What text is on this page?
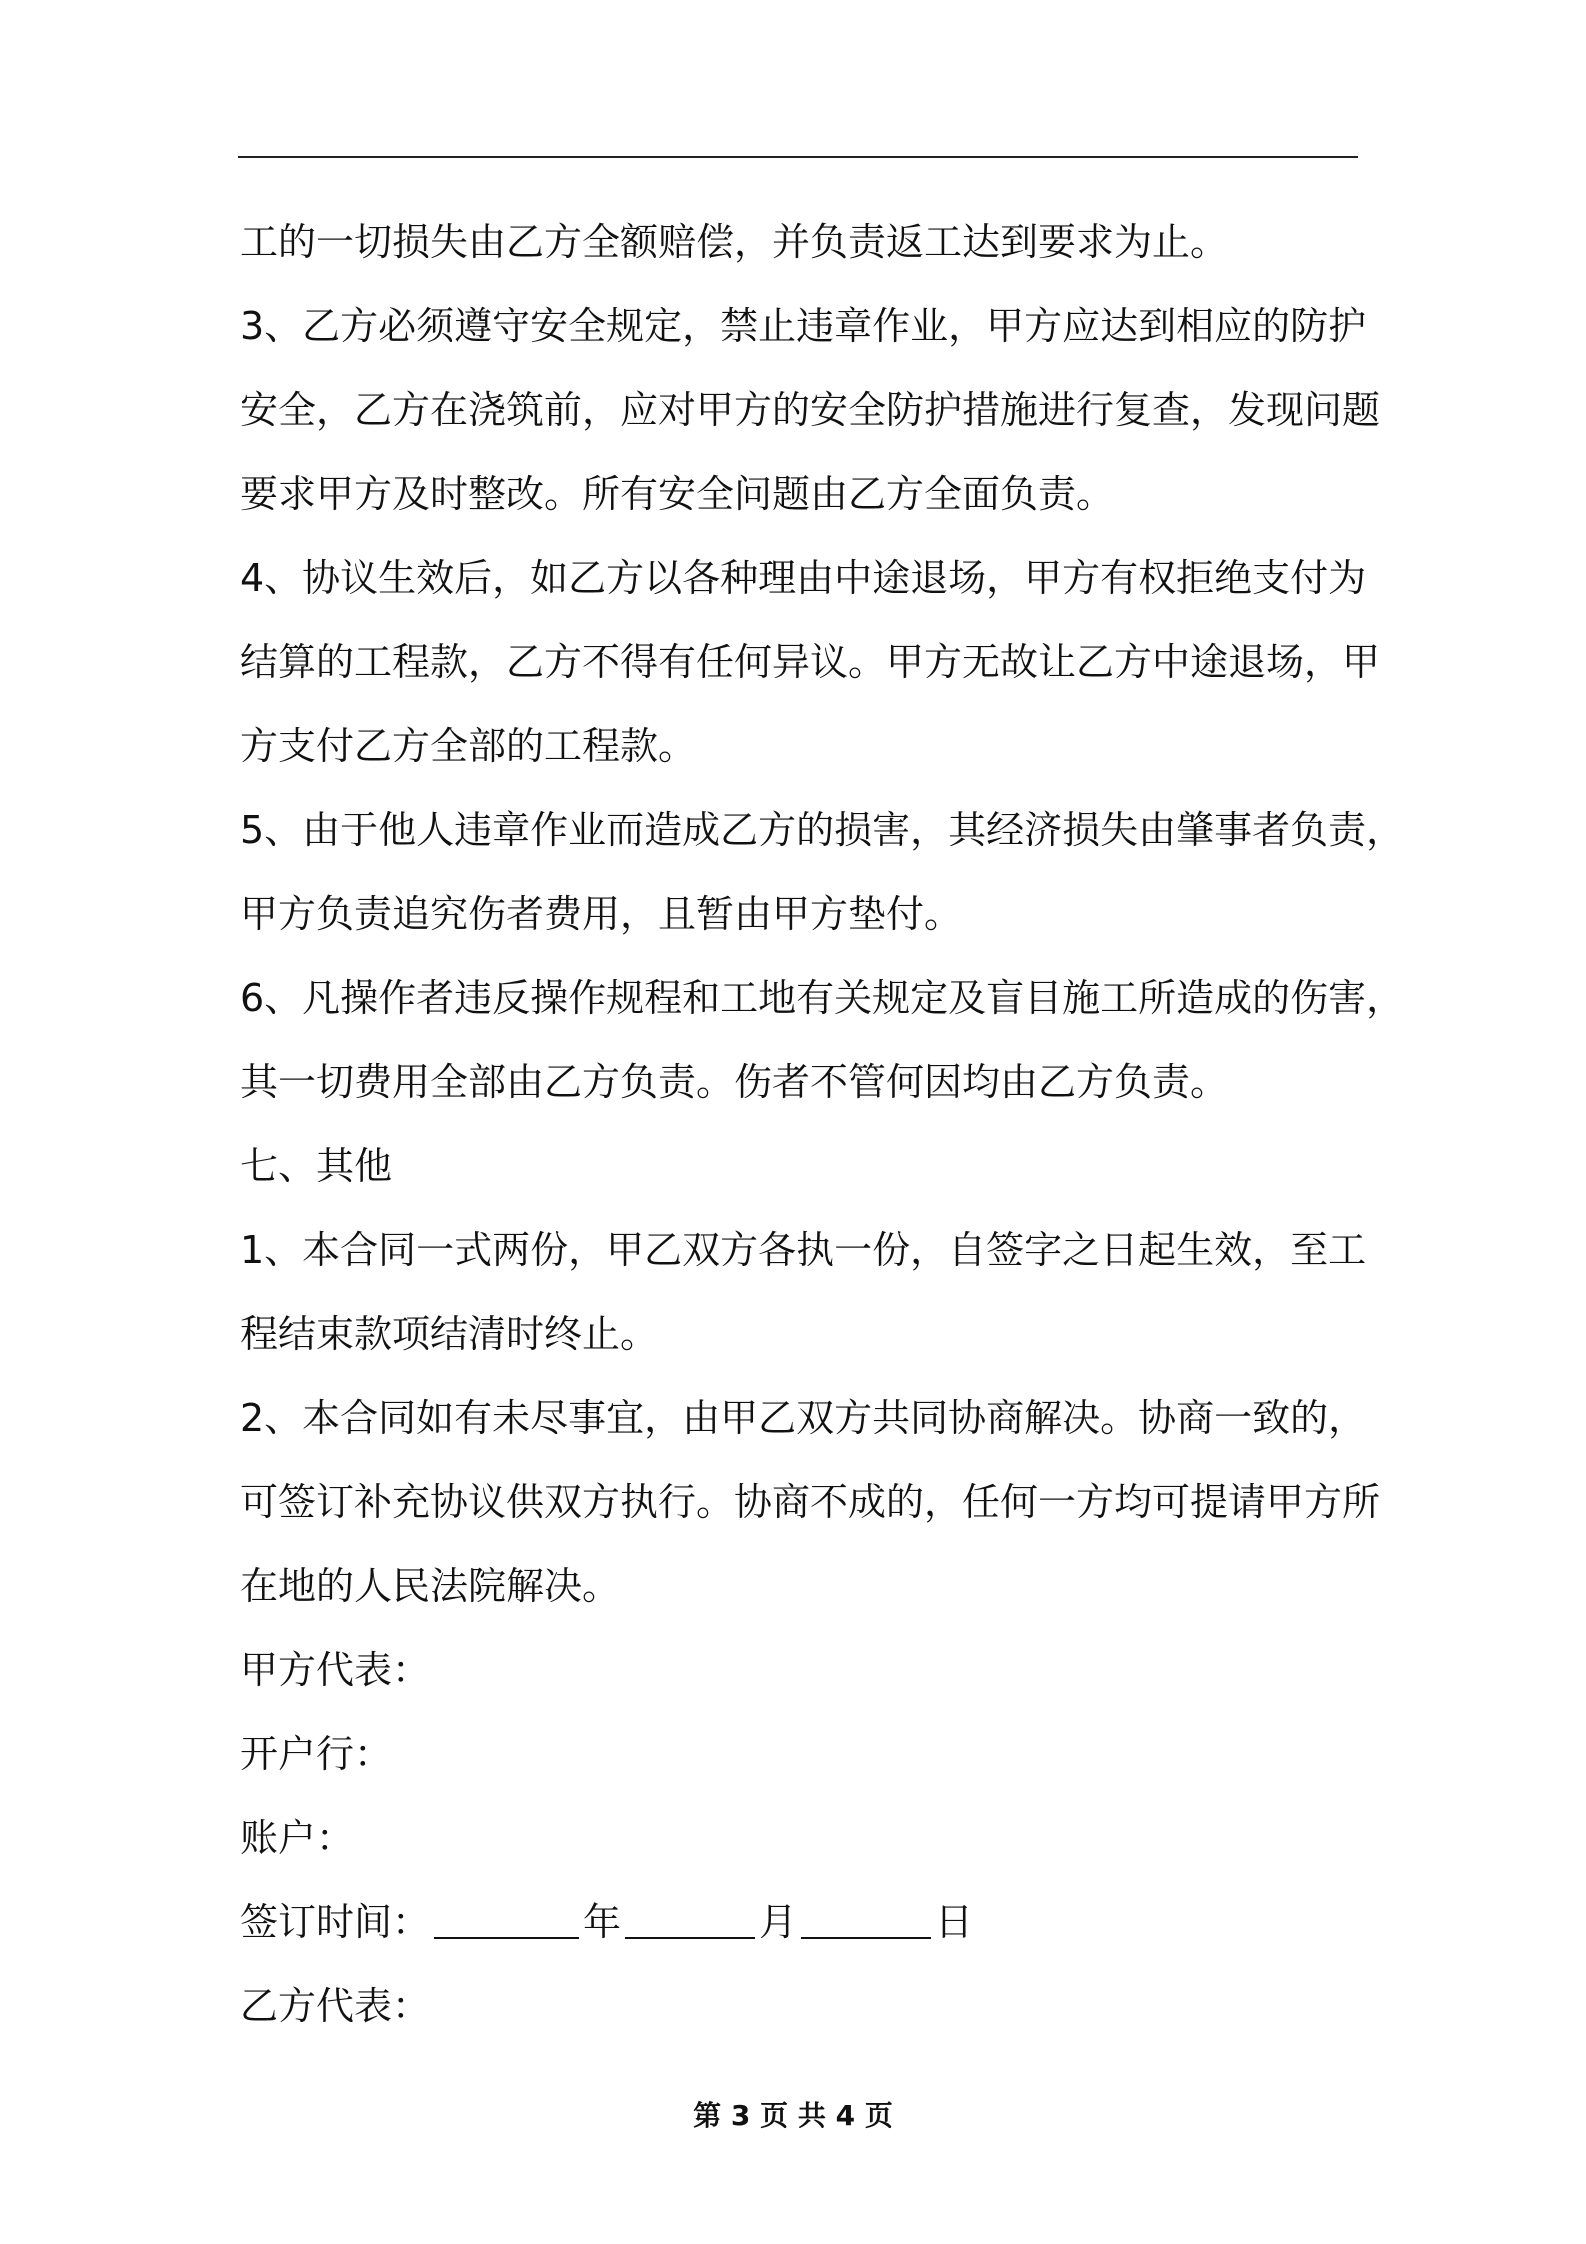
工的一切损失由乙方全额赔偿，并负责返工达到要求为止。
3、乙方必须遵守安全规定，禁止违章作业，甲方应达到相应的防护
安全，乙方在浇筑前，应对甲方的安全防护措施进行复查，发现问题
要求甲方及时整改。所有安全问题由乙方全面负责。
4、协议生效后，如乙方以各种理由中途退场，甲方有权拒绝支付为
结算的工程款，乙方不得有任何异议。甲方无故让乙方中途退场，甲
方支付乙方全部的工程款。
5、由于他人违章作业而造成乙方的损害，其经济损失由肇事者负责，
甲方负责追究伤者费用，且暂由甲方垫付。
6、凡操作者违反操作规程和工地有关规定及盲目施工所造成的伤害，
其一切费用全部由乙方负责。伤者不管何因均由乙方负责。
七、其他
1、本合同一式两份，甲乙双方各执一份，自签字之日起生效，至工
程结束款项结清时终止。
2、本合同如有未尽事宜，由甲乙双方共同协商解决。协商一致的，
可签订补充协议供双方执行。协商不成的，任何一方均可提请甲方所
在地的人民法院解决。
甲方代表：
开户行：
账户：
签订时间：	年	月	日
乙方代表：
第 3 页 共 4 页
